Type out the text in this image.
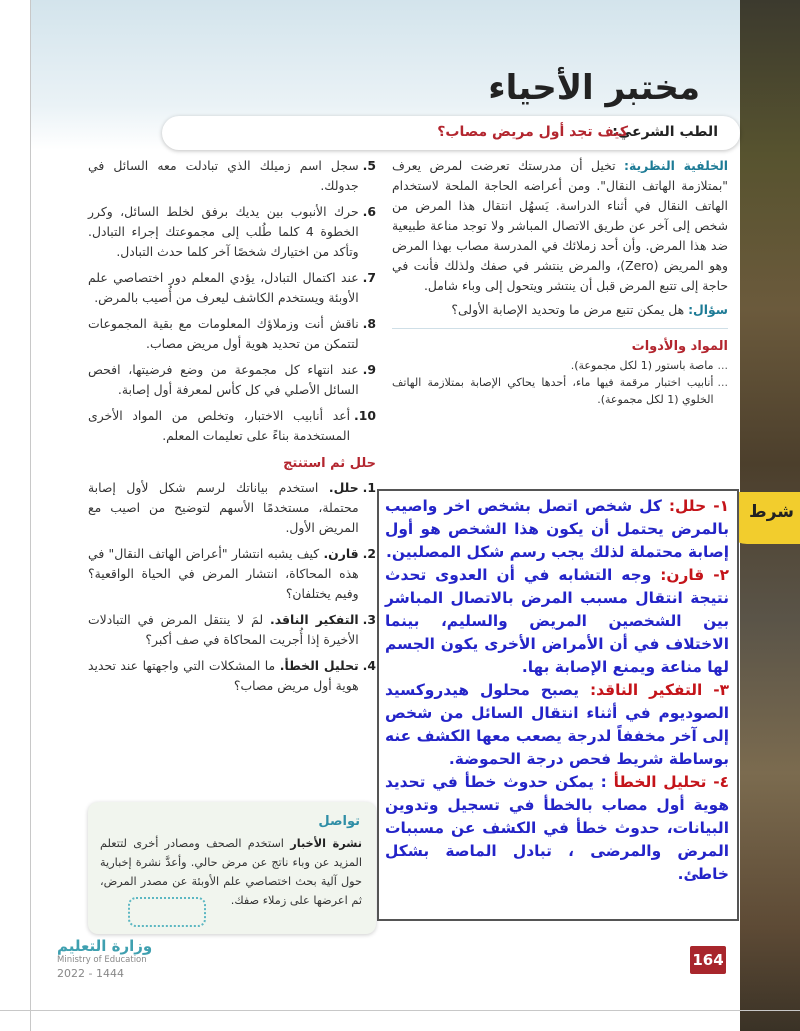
شرط
مختبر الأحياء
الطب الشرعي:
كيف تجد أول مريض مصاب؟
الخلفية النظرية: تخيل أن مدرستك تعرضت لمرض يعرف "بمتلازمة الهاتف النقال". ومن أعراضه الحاجة الملحة لاستخدام الهاتف النقال في أثناء الدراسة. يَسهُل انتقال هذا المرض من شخص إلى آخر عن طريق الاتصال المباشر ولا توجد مناعة طبيعية ضد هذا المرض. وأن أحد زملائك في المدرسة مصاب بهذا المرض وهو المريض (Zero)، والمرض ينتشر في صفك ولذلك فأنت في حاجة إلى تتبع المرض قبل أن ينتشر ويتحول إلى وباء شامل.
سؤال: هل يمكن تتبع مرض ما وتحديد الإصابة الأولى؟
المواد والأدوات
...
ماصة باستور (1 لكل مجموعة).
...
أنابيب اختبار مرقمة فيها ماء، أحدها يحاكي الإصابة بمتلازمة الهاتف الخلوي (1 لكل مجموعة).
5.
سجل اسم زميلك الذي تبادلت معه السائل في جدولك.
6.
حرك الأنبوب بين يديك برفق لخلط السائل، وكرر الخطوة 4 كلما طُلب إلى مجموعتك إجراء التبادل. وتأكد من اختيارك شخصًا آخر كلما حدث التبادل.
7.
عند اكتمال التبادل، يؤدي المعلم دور اختصاصي علم الأوبئة ويستخدم الكاشف ليعرف من أُصيب بالمرض.
8.
ناقش أنت وزملاؤك المعلومات مع بقية المجموعات لتتمكن من تحديد هوية أول مريض مصاب.
9.
عند انتهاء كل مجموعة من وضع فرضيتها، افحص السائل الأصلي في كل كأس لمعرفة أول إصابة.
10.
أعد أنابيب الاختبار، وتخلص من المواد الأخرى المستخدمة بناءً على تعليمات المعلم.
حلل ثم استنتج
1.
حلل. استخدم بياناتك لرسم شكل لأول إصابة محتملة، مستخدمًا الأسهم لتوضيح من اصيب مع المريض الأول.
2.
قارن. كيف يشبه انتشار "أعراض الهاتف النقال" في هذه المحاكاة، انتشار المرض في الحياة الواقعية؟ وفيم يختلفان؟
3.
التفكير الناقد. لمَ لا ينتقل المرض في التبادلات الأخيرة إذا أُجريت المحاكاة في صف أكبر؟
4.
تحليل الخطأ. ما المشكلات التي واجهتها عند تحديد هوية أول مريض مصاب؟
تواصل
نشرة الأخبار استخدم الصحف ومصادر أخرى لتتعلم المزيد عن وباء ناتج عن مرض حالي. وأعدَّ نشرة إخبارية حول آلية بحث اختصاصي علم الأوبئة عن مصدر المرض، ثم اعرضها على زملاء صفك.

١- حلل: كل شخص اتصل بشخص اخر واصيب بالمرض يحتمل أن يكون هذا الشخص هو أول إصابة محتملة لذلك يجب رسم شكل المصلبين.

٢- قارن: وجه التشابه في أن العدوى تحدث نتيجة انتقال مسبب المرض بالاتصال المباشر بين الشخصين المريض والسليم، بينما الاختلاف في أن الأمراض الأخرى يكون الجسم لها مناعة ويمنع الإصابة بها.

٣- التفكير الناقد: يصبح محلول هيدروكسيد الصوديوم في أثناء انتقال السائل من شخص إلى آخر مخففاً لدرجة يصعب معها الكشف عنه بوساطة شريط فحص درجة الحموضة.

٤- تحليل الخطأ : يمكن حدوث خطأ في تحديد هوية أول مصاب بالخطأ في تسجيل وتدوين البيانات، حدوث خطأ في الكشف عن مسببات المرض والمرضى ، تبادل الماصة بشكل خاطئ.

وزارة التعليم
Ministry of Education
2022 - 1444
164
